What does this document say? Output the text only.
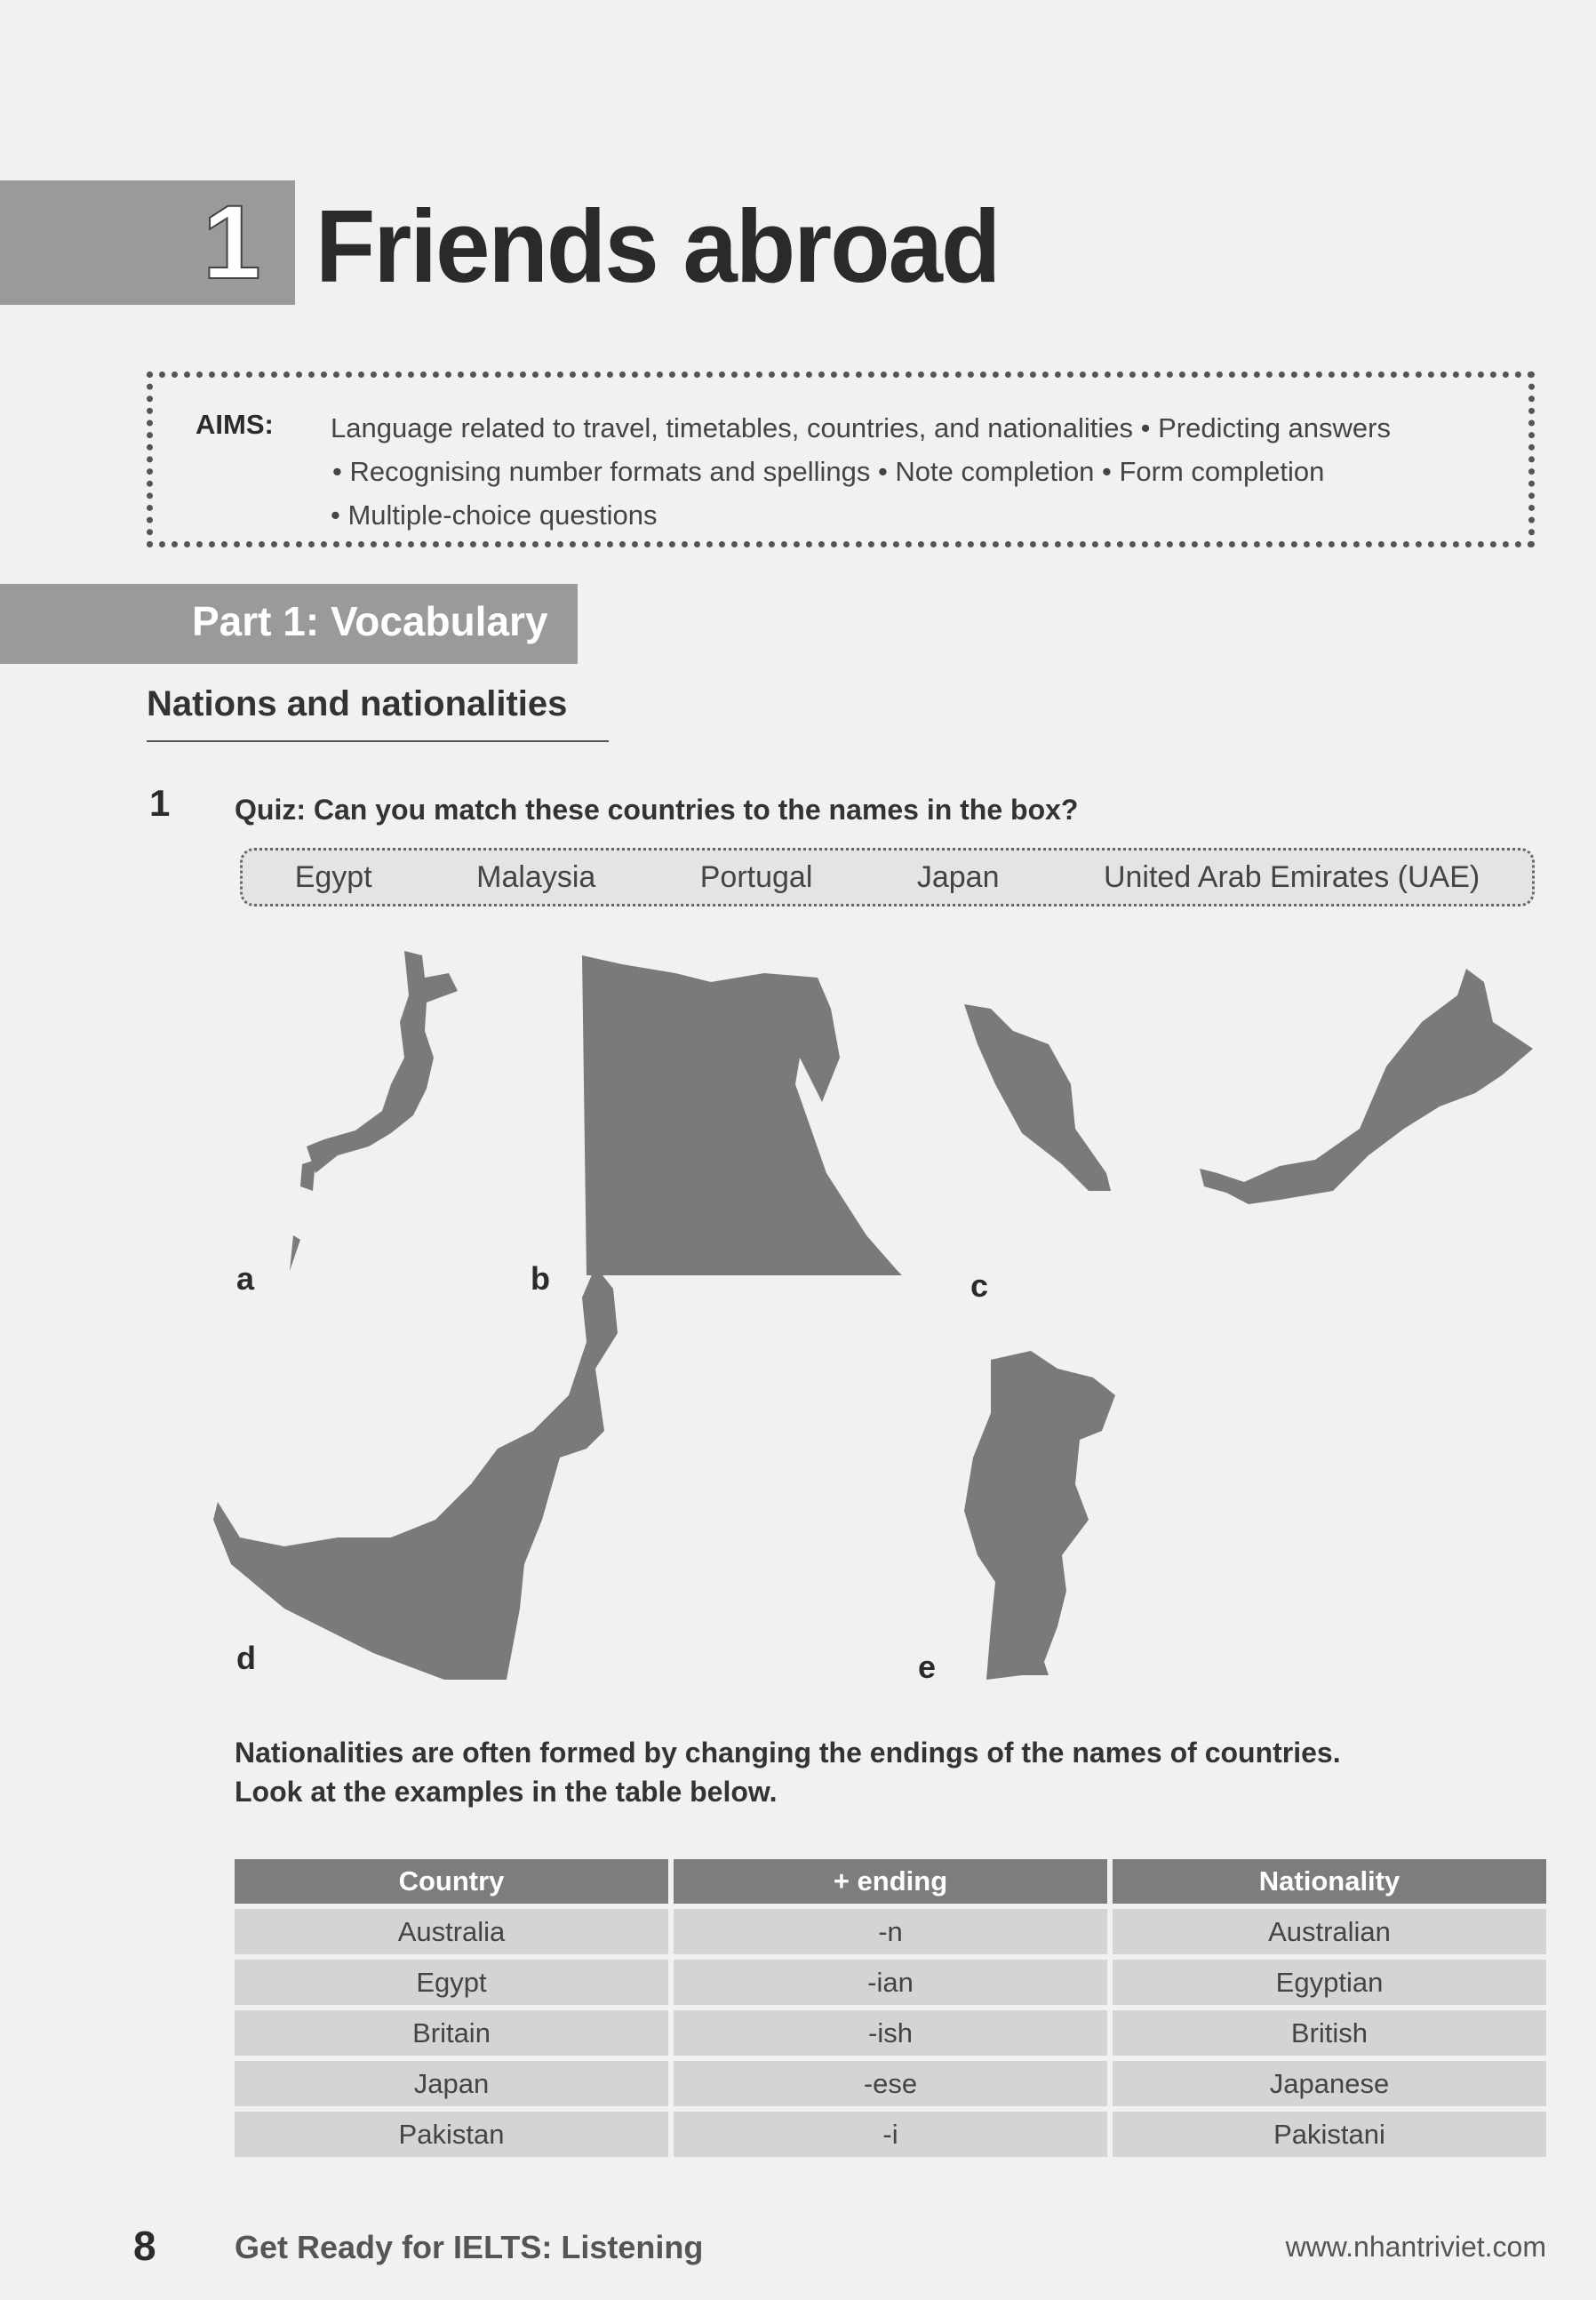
1 Friends abroad
AIMS: Language related to travel, timetables, countries, and nationalities • Predicting answers
• Recognising number formats and spellings • Note completion • Form completion
• Multiple-choice questions
Part 1: Vocabulary
Nations and nationalities
1 Quiz: Can you match these countries to the names in the box?
Egypt	Malaysia	Portugal	Japan	United Arab Emirates (UAE)
a	b	c
d	e
Nationalities are often formed by changing the endings of the names of countries.
Look at the examples in the table below.
Country	+ ending	Nationality
Australia	-n	Australian
Egypt	-ian	Egyptian
Britain	-ish	British
Japan	-ese	Japanese
Pakistan	-i	Pakistani
8 Get Ready for IELTS: Listening	www.nhantriviet.com
